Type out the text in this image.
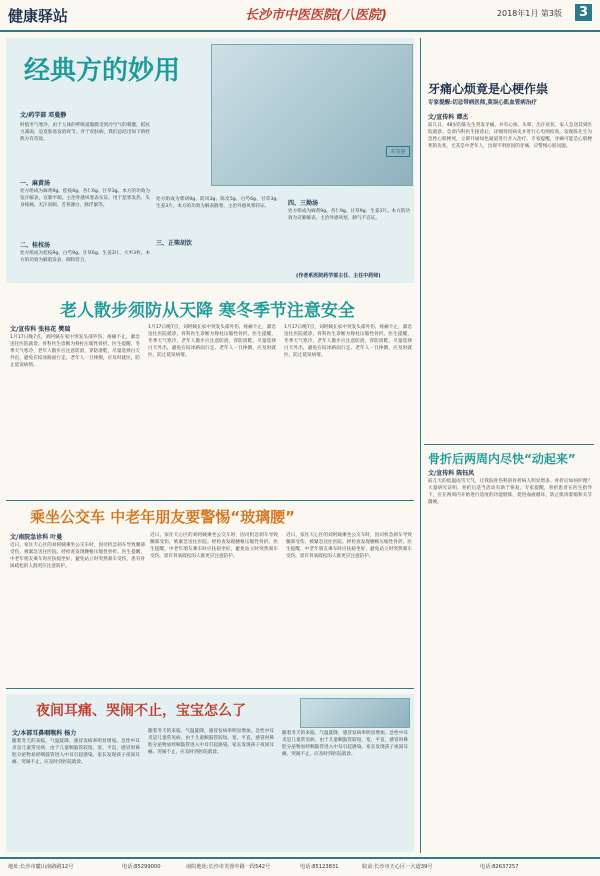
健康驿站	长沙市中医医院(八医院)	2018年1月 第3版	3
经典方的妙用
文/药学部 邓曼静
时值冬气寒冷，由于人体的呼吸道黏膜受到冷空气的刺激，抵抗力减弱，是皮肤易发的时节。对于皮肤病，我们总结出如下的经典方有奇效。
邓曼静
一、麻黄汤
处方组成为麻黄9g、桂枝6g、杏仁6g、甘草3g。本方的功效为发汗解表，宣肺平喘。主治外感风寒表实证。用于恶寒发热、头身疼痛、无汗而喘、舌苔薄白、脉浮紧等。
二、桂枝汤
处方组成为桂枝9g、白芍9g、甘草6g、生姜3片、大枣3枚。本方的功效为解肌发表、调和营卫。
三、正柴胡饮
处方组成为柴胡9g、防风3g、陈皮5g、白芍6g、甘草3g、生姜3片。本方的功效为解表散寒，主治外感风寒轻证。	四、三拗汤
处方组成为麻黄9g、杏仁9g、甘草9g、生姜3片。本方的功效为宣肺解表。主治外感风寒，肺气不宣证。
(作者系医院药学部主任、主任中药师)
老人散步须防从天降 寒冬季节注意安全
文/宣传科 张桂花 樊瑞
1月17日晚7点，刘阿姨在家中突发头部外伤，疼痛不止，紧急送往医院就诊。骨科医生诊断为脊柱压缩性骨折。医生提醒，冬季天气寒冷，老年人散步应注意防滑，穿防滑鞋，尽量选择白天外出，避免在结冰路面行走。老年人一旦摔倒，应及时就医，防止延误病情。
1月17日晚7点，刘阿姨在家中突发头部外伤，疼痛不止，紧急送往医院就诊。骨科医生诊断为脊柱压缩性骨折。医生提醒，冬季天气寒冷，老年人散步应注意防滑，穿防滑鞋，尽量选择白天外出，避免在结冰路面行走。老年人一旦摔倒，应及时就医，防止延误病情。
1月17日晚7点，刘阿姨在家中突发头部外伤，疼痛不止，紧急送往医院就诊。骨科医生诊断为脊柱压缩性骨折。医生提醒，冬季天气寒冷，老年人散步应注意防滑，穿防滑鞋，尽量选择白天外出，避免在结冰路面行走。老年人一旦摔倒，应及时就医，防止延误病情。
乘坐公交车 中老年朋友要警惕“玻璃腰”
文/南院急诊科 叶曼
近日，家住天心区的刘阿姨乘坐公交车时，因司机急刹车导致腰部受伤，被紧急送往医院。经检查发现腰椎压缩性骨折。医生提醒，中老年朋友乘车时应扶稳坐好，避免站立时突然刹车受伤，患有骨质疏松的人群更应注意防护。
近日，家住天心区的刘阿姨乘坐公交车时，因司机急刹车导致腰部受伤，被紧急送往医院。经检查发现腰椎压缩性骨折。医生提醒，中老年朋友乘车时应扶稳坐好，避免站立时突然刹车受伤，患有骨质疏松的人群更应注意防护。
近日，家住天心区的刘阿姨乘坐公交车时，因司机急刹车导致腰部受伤，被紧急送往医院。经检查发现腰椎压缩性骨折。医生提醒，中老年朋友乘车时应扶稳坐好，避免站立时突然刹车受伤，患有骨质疏松的人群更应注意防护。
夜间耳痛、哭闹不止，宝宝怎么了
文/本部耳鼻咽喉科 杨力
随着冬天的来临，气温陡降，感冒发病率明显增加。急性中耳炎是儿童常见病，由于儿童咽鼓管较短、宽、平直，感冒时鼻腔分泌物易经咽鼓管进入中耳引起感染。家长发现孩子夜间耳痛、哭闹不止，应及时到医院就诊。
随着冬天的来临，气温陡降，感冒发病率明显增加。急性中耳炎是儿童常见病，由于儿童咽鼓管较短、宽、平直，感冒时鼻腔分泌物易经咽鼓管进入中耳引起感染。家长发现孩子夜间耳痛、哭闹不止，应及时到医院就诊。
随着冬天的来临，气温陡降，感冒发病率明显增加。急性中耳炎是儿童常见病，由于儿童咽鼓管较短、宽、平直，感冒时鼻腔分泌物易经咽鼓管进入中耳引起感染。家长发现孩子夜间耳痛、哭闹不止，应及时到医院就诊。
牙痛心烦竟是心梗作祟
专家提醒:切忌带病医师,莫误心肌血管病治疗
文/宣传科 谭杰
前几日，48岁的陈先生突发牙痛，并有心烦、头晕、出汗症状，家人急送其到医院就诊。急诊内科医生接诊后，详细询问病史并进行心电图检查，发现陈先生为急性心肌梗死，立即开通绿色通道进行介入治疗。专家提醒，牙痛可能是心肌梗死的先兆，尤其是中老年人，出现不明原因的牙痛，应警惕心脏问题。
骨折后两周内尽快“动起来”
文/宣传科 陈钰凤
前几天的低温雨雪天气，让我院骨伤科的骨折病人明显增多。骨折后如何护理？大量研究证明，骨折后适当活动有助于恢复。专家提醒，骨折患者在医生指导下，应在两周内开始进行适度的功能锻炼，促进血液循环，防止肌肉萎缩和关节僵硬。
地址:长沙市麓山南路路12号	电话:85299000	南院地址:长沙市芙蓉中路一段542号	电话:85123831	院前:长沙市天心区一大道39号	电话:82637257
